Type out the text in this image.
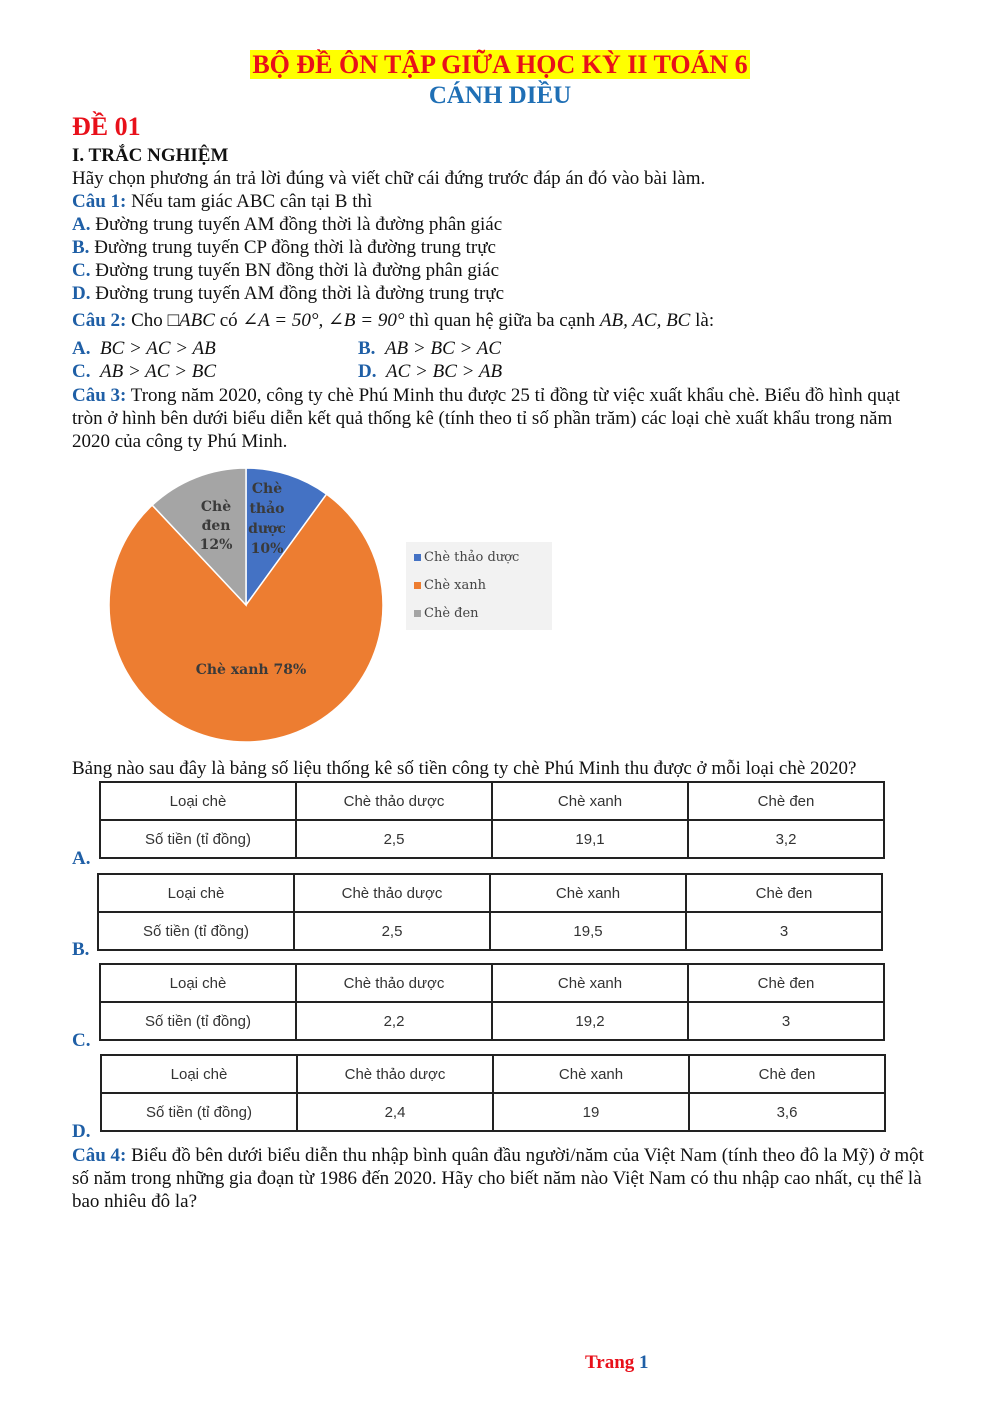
BỘ ĐỀ ÔN TẬP GIỮA HỌC KỲ II TOÁN 6
CÁNH DIỀU
ĐỀ 01
I. TRẮC NGHIỆM
Hãy chọn phương án trả lời đúng và viết chữ cái đứng trước đáp án đó vào bài làm.
Câu 1: Nếu tam giác ABC cân tại B thì
A. Đường trung tuyến AM đồng thời là đường phân giác
B. Đường trung tuyến CP đồng thời là đường trung trực
C. Đường trung tuyến BN đồng thời là đường phân giác
D. Đường trung tuyến AM đồng thời là đường trung trực
Câu 2: Cho □ABC có ∠A = 50°, ∠B = 90° thì quan hệ giữa ba cạnh AB, AC, BC là:
A. BC > AC > AB	B. AB > BC > AC
C. AB > AC > BC	D. AC > BC > AB
Câu 3: Trong năm 2020, công ty chè Phú Minh thu được 25 tỉ đồng từ việc xuất khẩu chè. Biểu đồ hình quạt tròn ở hình bên dưới biểu diễn kết quả thống kê (tính theo tỉ số phần trăm) các loại chè xuất khẩu trong năm 2020 của công ty Phú Minh.
Chè thảo dược 10%
Chè xanh 78%
Chè đen 12%
Chè thảo dược
Chè xanh
Chè đen
Bảng nào sau đây là bảng số liệu thống kê số tiền công ty chè Phú Minh thu được ở mỗi loại chè 2020?
Loại chè	Chè thảo dược	Chè xanh	Chè đen
Số tiền (tỉ đồng)	2,5	19,1	3,2
A.
Loại chè	Chè thảo dược	Chè xanh	Chè đen
Số tiền (tỉ đồng)	2,5	19,5	3
B.
Loại chè	Chè thảo dược	Chè xanh	Chè đen
Số tiền (tỉ đồng)	2,2	19,2	3
C.
Loại chè	Chè thảo dược	Chè xanh	Chè đen
Số tiền (tỉ đồng)	2,4	19	3,6
D.
Câu 4: Biểu đồ bên dưới biểu diễn thu nhập bình quân đầu người/năm của Việt Nam (tính theo đô la Mỹ) ở một số năm trong những gia đoạn từ 1986 đến 2020. Hãy cho biết năm nào Việt Nam có thu nhập cao nhất, cụ thể là bao nhiêu đô la?
Trang 1
